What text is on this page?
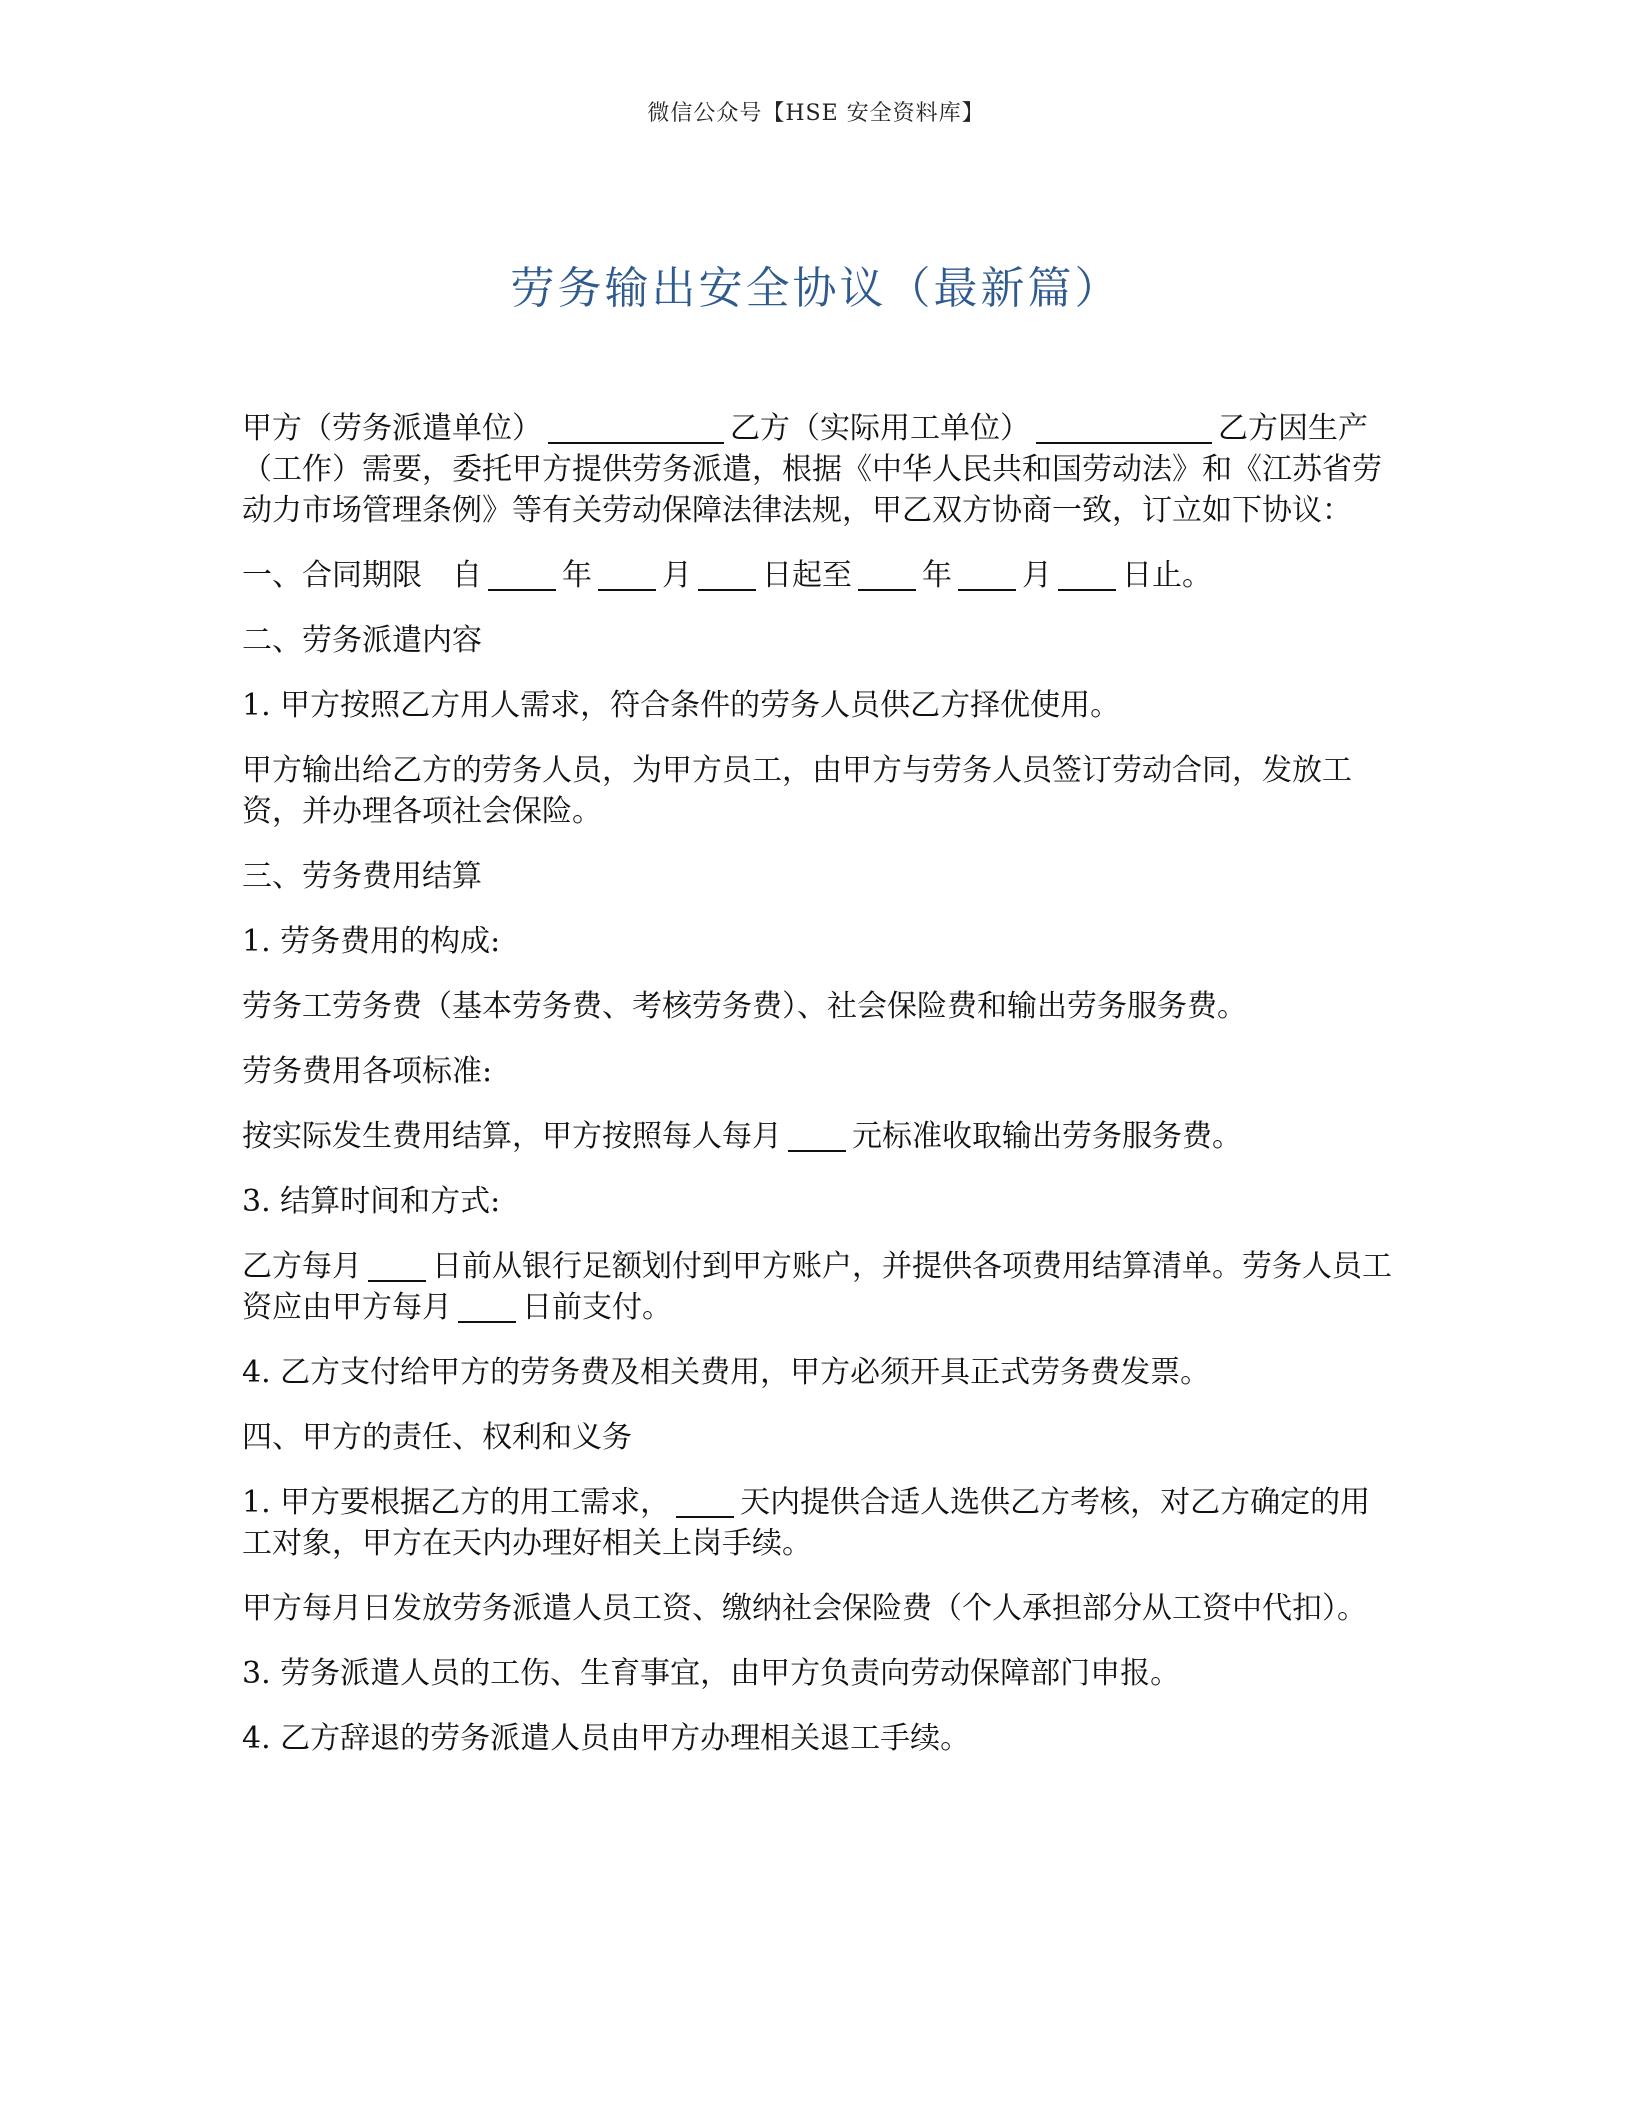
微信公众号【HSE 安全资料库】
劳务输出安全协议（最新篇）

甲方（劳务派遣单位）	乙方（实际用工单位）	乙方因生产（工作）需要，委托甲方提供劳务派遣，根据《中华人民共和国劳动法》和《江苏省劳动力市场管理条例》等有关劳动保障法律法规，甲乙双方协商一致，订立如下协议：

一、合同期限　自	年 月 日起至 年 月 日止。

二、劳务派遣内容

1. 甲方按照乙方用人需求，符合条件的劳务人员供乙方择优使用。

甲方输出给乙方的劳务人员，为甲方员工，由甲方与劳务人员签订劳动合同，发放工资，并办理各项社会保险。

三、劳务费用结算

1. 劳务费用的构成:

劳务工劳务费（基本劳务费、考核劳务费）、社会保险费和输出劳务服务费。

劳务费用各项标准:

按实际发生费用结算，甲方按照每人每月 元标准收取输出劳务服务费。

3. 结算时间和方式:

乙方每月 日前从银行足额划付到甲方账户，并提供各项费用结算清单。劳务人员工资应由甲方每月 日前支付。

4. 乙方支付给甲方的劳务费及相关费用，甲方必须开具正式劳务费发票。

四、甲方的责任、权利和义务

1. 甲方要根据乙方的用工需求， 天内提供合适人选供乙方考核，对乙方确定的用工对象，甲方在天内办理好相关上岗手续。

甲方每月日发放劳务派遣人员工资、缴纳社会保险费（个人承担部分从工资中代扣）。

3. 劳务派遣人员的工伤、生育事宜，由甲方负责向劳动保障部门申报。

4. 乙方辞退的劳务派遣人员由甲方办理相关退工手续。
